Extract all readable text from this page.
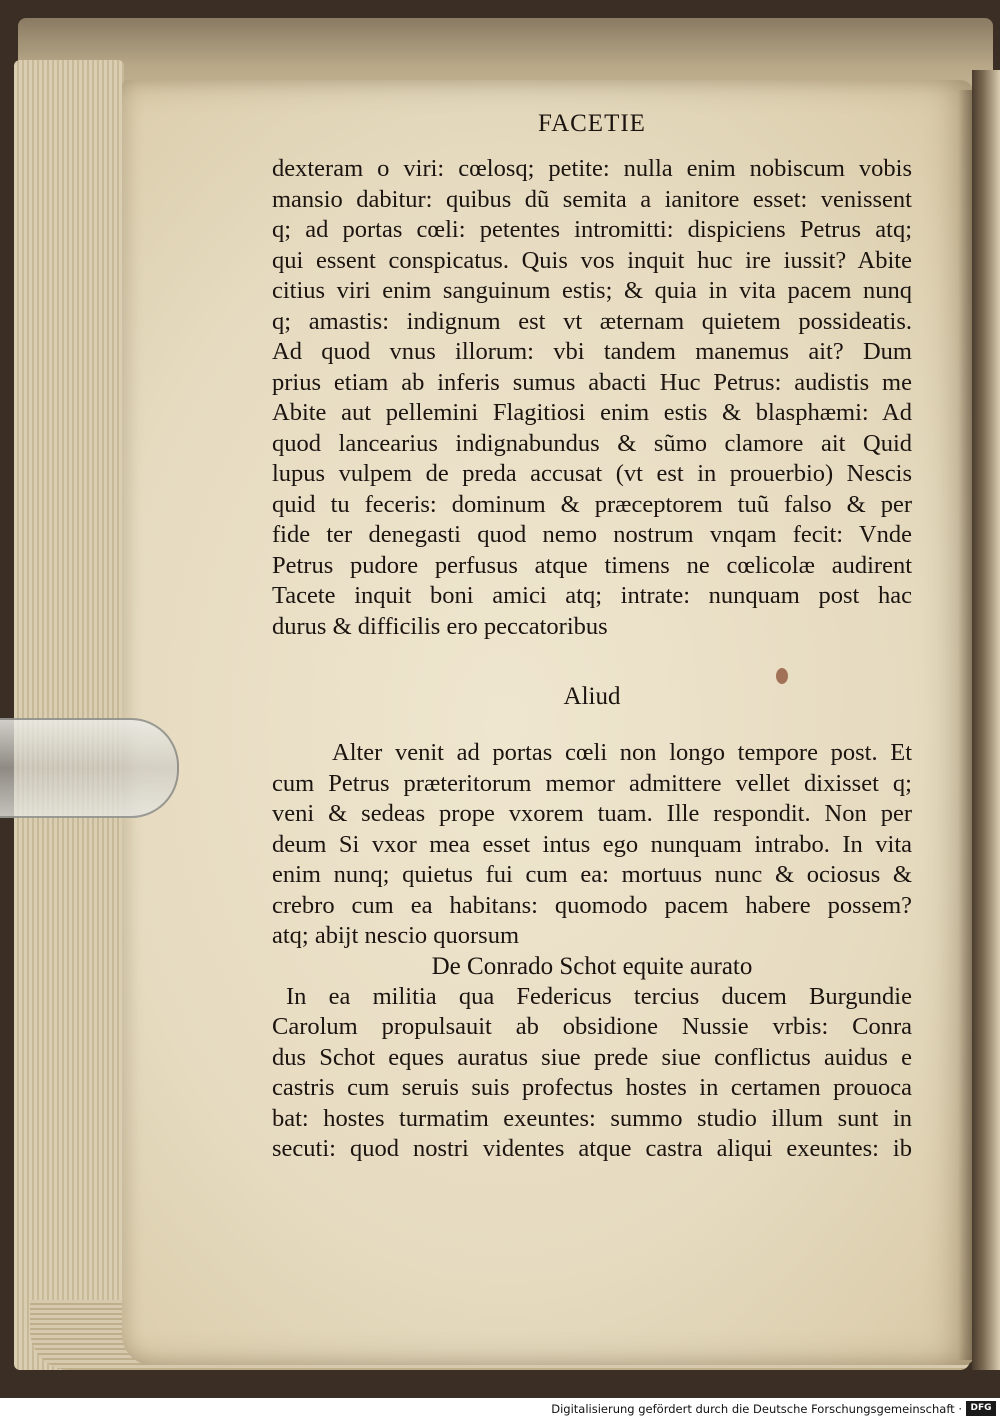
FACETIE
dexteram o viri: cœlosq; petite: nulla enim nobiscum vobis
mansio dabitur: quibus dũ semita a ianitore esset: venissent
q; ad portas cœli: petentes intromitti: dispiciens Petrus atq;
qui essent conspicatus. Quis vos inquit huc ire iussit? Abite
citius viri enim sanguinum estis; & quia in vita pacem nunq
q; amastis: indignum est vt æternam quietem possideatis.
Ad quod vnus illorum: vbi tandem manemus ait? Dum
prius etiam ab inferis sumus abacti Huc Petrus: audistis me
Abite aut pellemini Flagitiosi enim estis & blasphæmi: Ad
quod lancearius indignabundus & sũmo clamore ait Quid
lupus vulpem de preda accusat (vt est in prouerbio) Nescis
quid tu feceris: dominum & præceptorem tuũ falso & per
fide ter denegasti quod nemo nostrum vnqam fecit: Vnde
Petrus pudore perfusus atque timens ne cœlicolæ audirent
Tacete inquit boni amici atq; intrate: nunquam post hac
durus & difficilis ero peccatoribus
Aliud
Alter venit ad portas cœli non longo tempore post. Et
cum Petrus præteritorum memor admittere vellet dixisset q;
veni & sedeas prope vxorem tuam. Ille respondit. Non per
deum Si vxor mea esset intus ego nunquam intrabo. In vita
enim nunq; quietus fui cum ea: mortuus nunc & ociosus &
crebro cum ea habitans: quomodo pacem habere possem?
atq; abijt nescio quorsum
De Conrado Schot equite aurato
In ea militia qua Federicus tercius ducem Burgundie
Carolum propulsauit ab obsidione Nussie vrbis: Conra
dus Schot eques auratus siue prede siue conflictus auidus e
castris cum seruis suis profectus hostes in certamen prouoca
bat: hostes turmatim exeuntes: summo studio illum sunt in
secuti: quod nostri videntes atque castra aliqui exeuntes: ib
Digitalisierung gefördert durch die Deutsche Forschungsgemeinschaft · DFG
